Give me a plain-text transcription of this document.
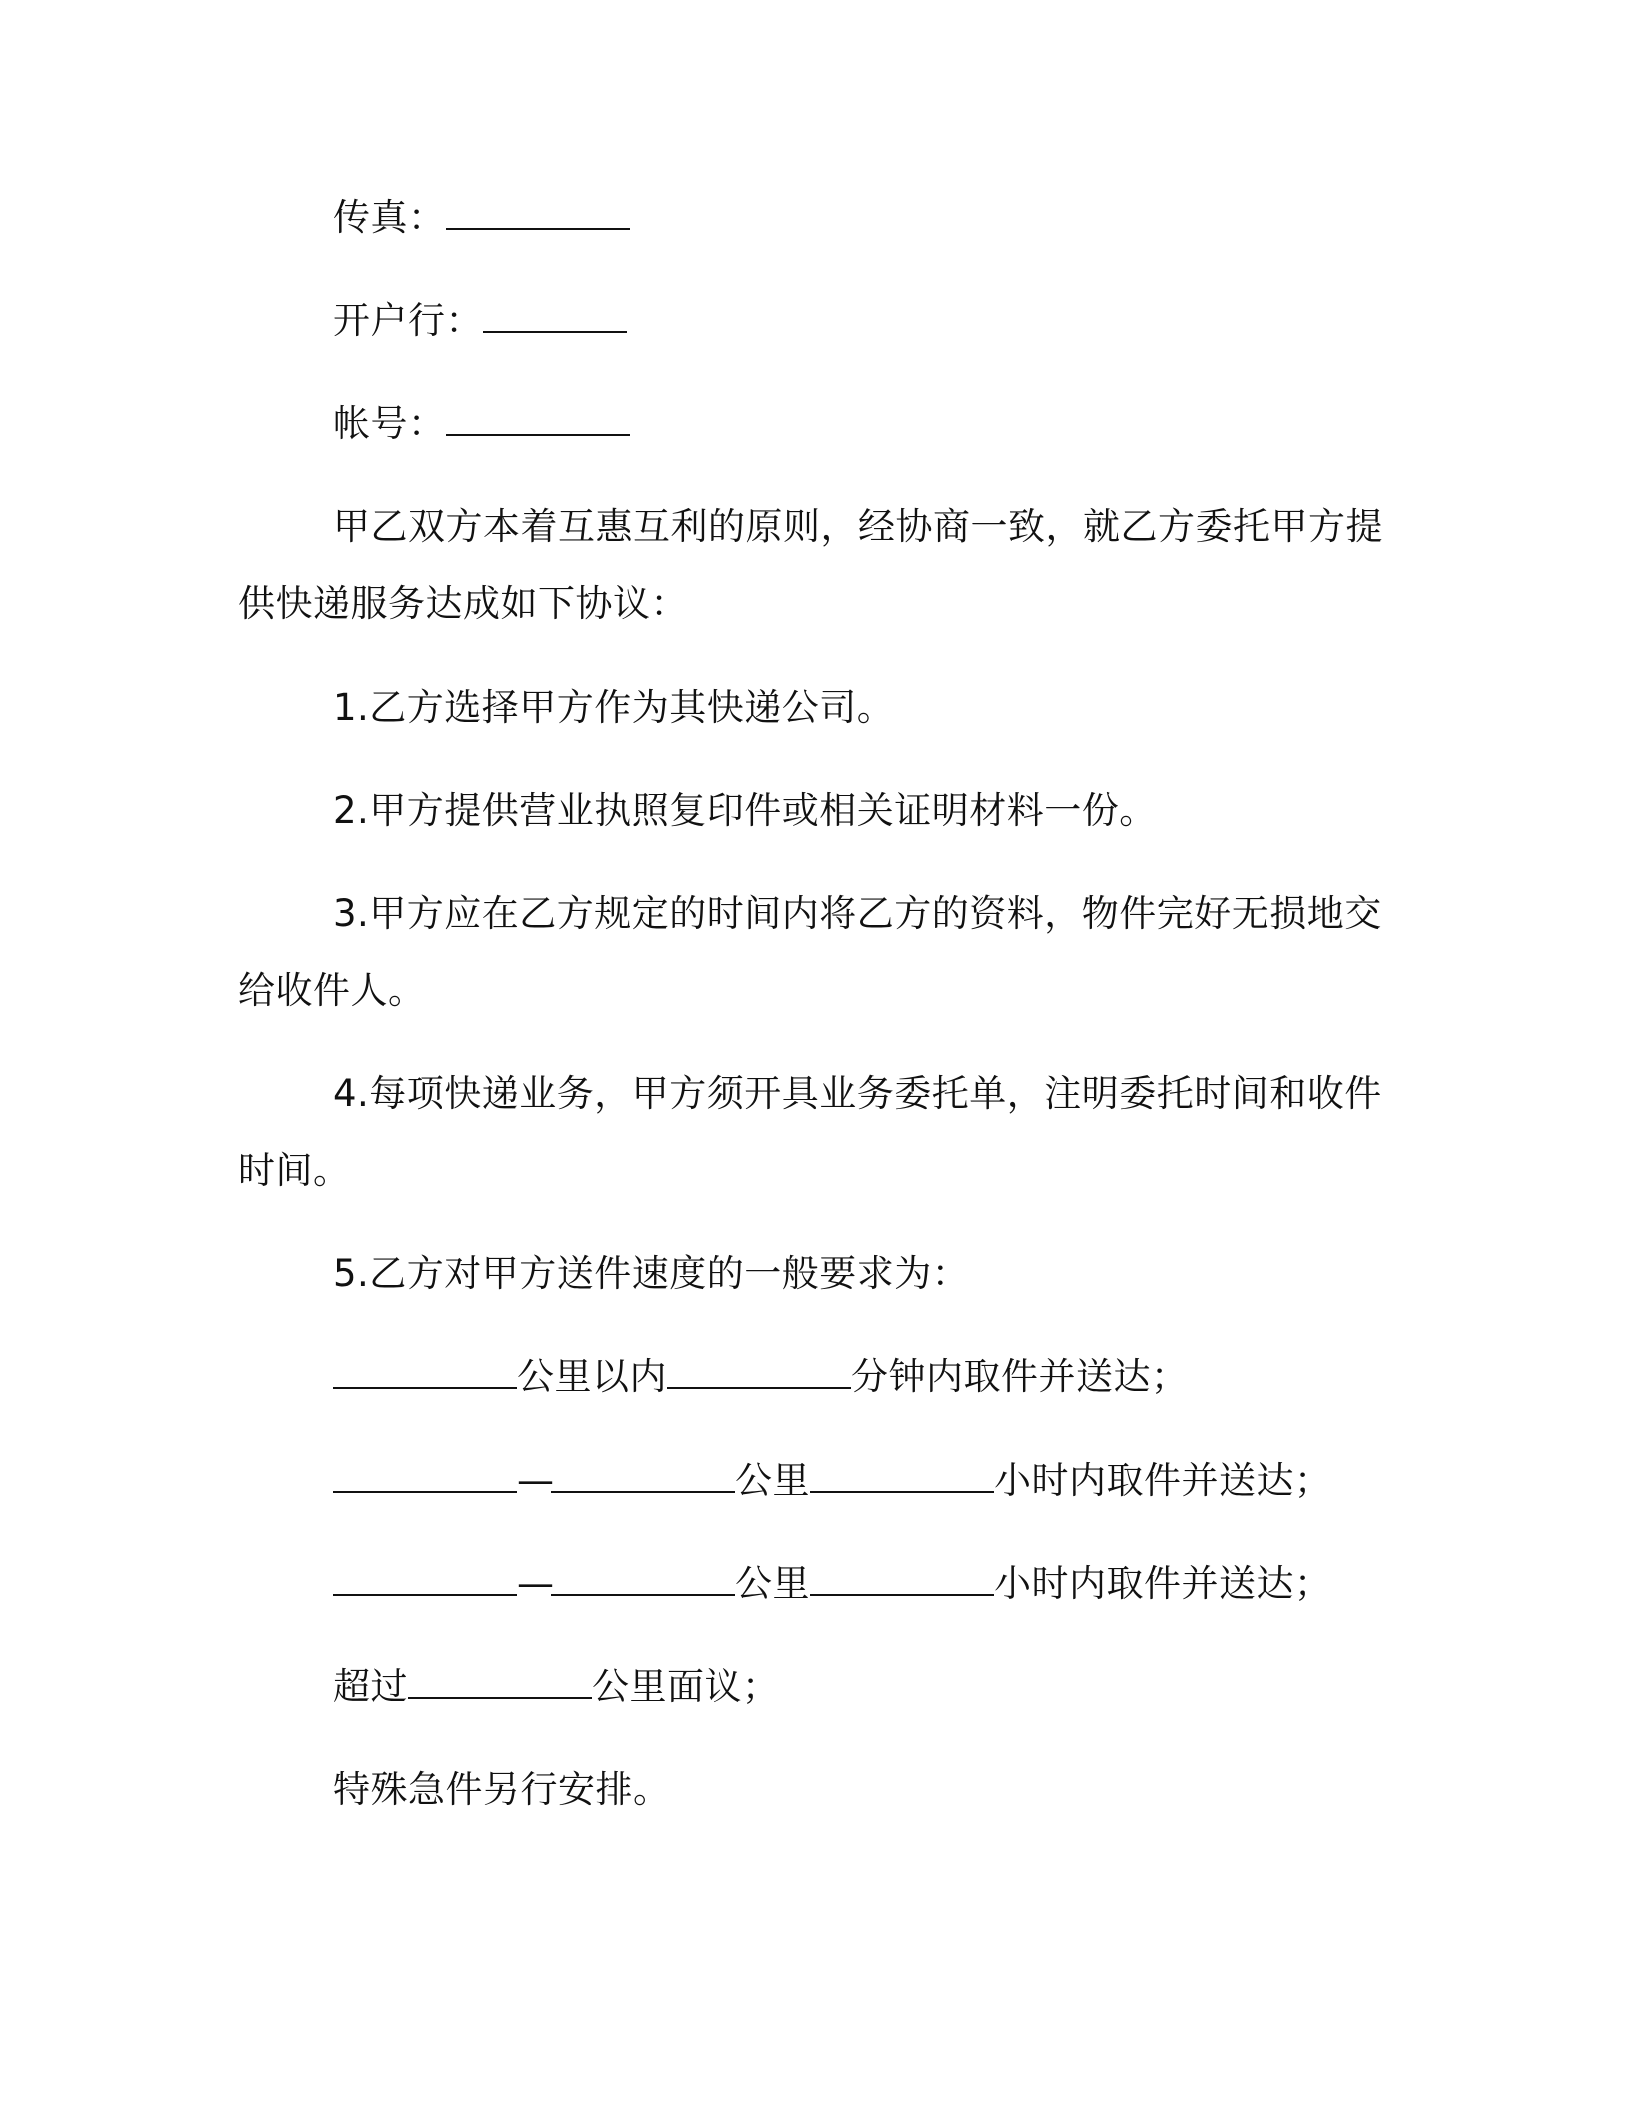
传真：
开户行：
帐号：
甲乙双方本着互惠互利的原则，经协商一致，就乙方委托甲方提
供快递服务达成如下协议：
1.乙方选择甲方作为其快递公司。
2.甲方提供营业执照复印件或相关证明材料一份。
3.甲方应在乙方规定的时间内将乙方的资料，物件完好无损地交
给收件人。
4.每项快递业务，甲方须开具业务委托单，注明委托时间和收件
时间。
5.乙方对甲方送件速度的一般要求为：
公里以内	分钟内取件并送达；
—	公里	小时内取件并送达；
—	公里	小时内取件并送达；
超过	公里面议；
特殊急件另行安排。
